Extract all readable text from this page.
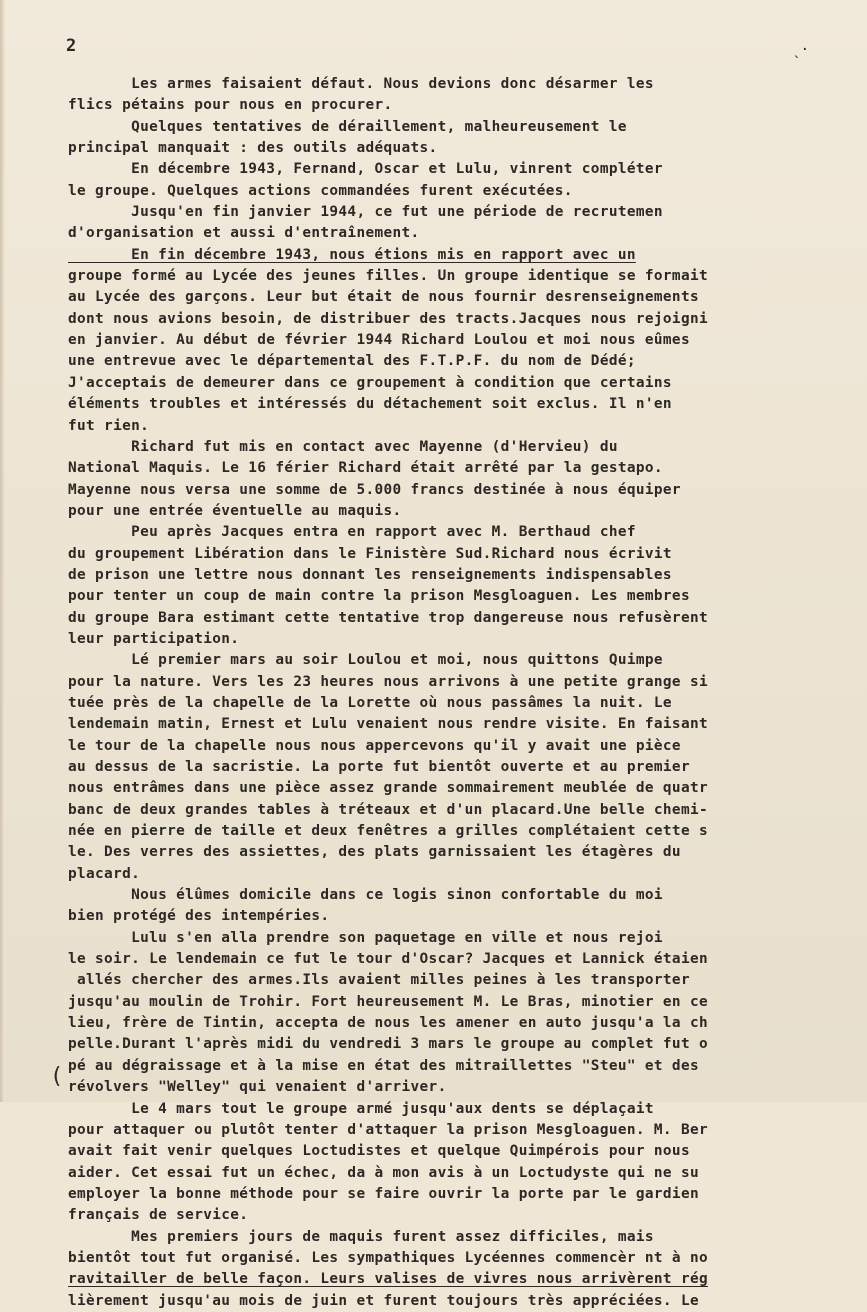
2	ˎ·
Les armes faisaient défaut. Nous devions donc désarmer les
flics pétains pour nous en procurer.
Quelques tentatives de déraillement, malheureusement le
principal manquait : des outils adéquats.
En décembre 1943, Fernand, Oscar et Lulu, vinrent compléter
le groupe. Quelques actions commandées furent exécutées.
Jusqu'en fin janvier 1944, ce fut une période de recrutemen
d'organisation et aussi d'entraînement.
En fin décembre 1943, nous étions mis en rapport avec un
groupe formé au Lycée des jeunes filles. Un groupe identique se formait
au Lycée des garçons. Leur but était de nous fournir desrenseignements
dont nous avions besoin, de distribuer des tracts.Jacques nous rejoigni
en janvier. Au début de février 1944 Richard Loulou et moi nous eûmes
une entrevue avec le départemental des F.T.P.F. du nom de Dédé;
J'acceptais de demeurer dans ce groupement à condition que certains
éléments troubles et intéressés du détachement soit exclus. Il n'en
fut rien.
Richard fut mis en contact avec Mayenne (d'Hervieu) du
National Maquis. Le 16 férier Richard était arrêté par la gestapo.
Mayenne nous versa une somme de 5.000 francs destinée à nous équiper
pour une entrée éventuelle au maquis.
Peu après Jacques entra en rapport avec M. Berthaud chef
du groupement Libération dans le Finistère Sud.Richard nous écrivit
de prison une lettre nous donnant les renseignements indispensables
pour tenter un coup de main contre la prison Mesgloaguen. Les membres
du groupe Bara estimant cette tentative trop dangereuse nous refusèrent
leur participation.
Lé premier mars au soir Loulou et moi, nous quittons Quimpe
pour la nature. Vers les 23 heures nous arrivons à une petite grange si
tuée près de la chapelle de la Lorette où nous passâmes la nuit. Le
lendemain matin, Ernest et Lulu venaient nous rendre visite. En faisant
le tour de la chapelle nous nous appercevons qu'il y avait une pièce
au dessus de la sacristie. La porte fut bientôt ouverte et au premier
nous entrâmes dans une pièce assez grande sommairement meublée de quatr
banc de deux grandes tables à tréteaux et d'un placard.Une belle chemi-
née en pierre de taille et deux fenêtres a grilles complétaient cette s
le. Des verres des assiettes, des plats garnissaient les étagères du
placard.
Nous élûmes domicile dans ce logis sinon confortable du moi
bien protégé des intempéries.
Lulu s'en alla prendre son paquetage en ville et nous rejoi
le soir. Le lendemain ce fut le tour d'Oscar? Jacques et Lannick étaien
allés chercher des armes.Ils avaient milles peines à les transporter
jusqu'au moulin de Trohir. Fort heureusement M. Le Bras, minotier en ce
lieu, frère de Tintin, accepta de nous les amener en auto jusqu'a la ch
pelle.Durant l'après midi du vendredi 3 mars le groupe au complet fut o
pé au dégraissage et à la mise en état des mitraillettes "Steu" et des
révolvers "Welley" qui venaient d'arriver.
Le 4 mars tout le groupe armé jusqu'aux dents se déplaçait
pour attaquer ou plutôt tenter d'attaquer la prison Mesgloaguen. M. Ber
avait fait venir quelques Loctudistes et quelque Quimpérois pour nous
aider. Cet essai fut un échec, da à mon avis à un Loctudyste qui ne su
employer la bonne méthode pour se faire ouvrir la porte par le gardien
français de service.
Mes premiers jours de maquis furent assez difficiles, mais
bientôt tout fut organisé. Les sympathiques Lycéennes commencèr nt à no
ravitailler de belle façon. Leurs valises de vivres nous arrivèrent rég
lièrement jusqu'au mois de juin et furent toujours très appréciées. Le
(
